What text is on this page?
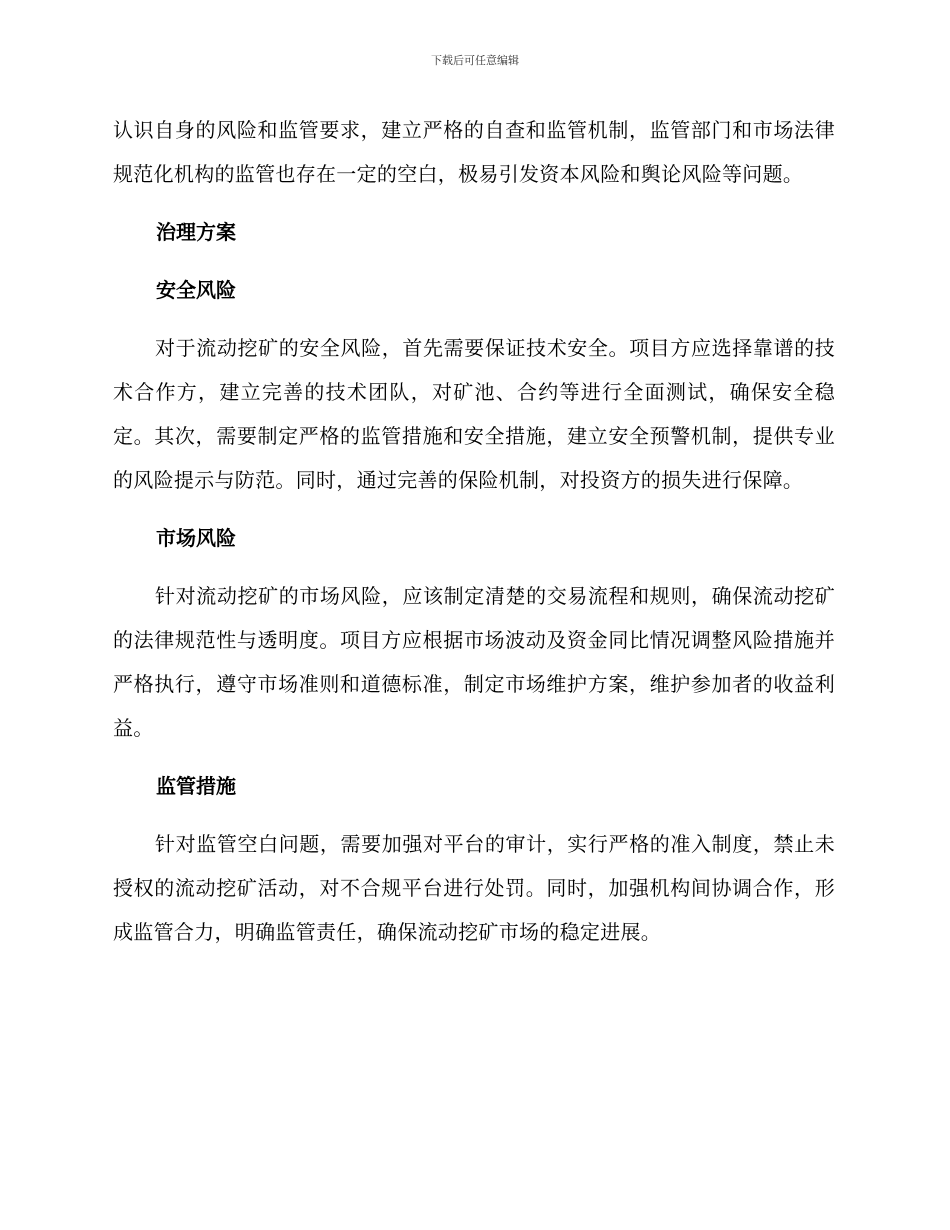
下载后可任意编辑

认识自身的风险和监管要求，建立严格的自查和监管机制，监管部门和市场法律规范化机构的监管也存在一定的空白，极易引发资本风险和舆论风险等问题。

治理方案
安全风险

对于流动挖矿的安全风险，首先需要保证技术安全。项目方应选择靠谱的技术合作方，建立完善的技术团队，对矿池、合约等进行全面测试，确保安全稳定。其次，需要制定严格的监管措施和安全措施，建立安全预警机制，提供专业的风险提示与防范。同时，通过完善的保险机制，对投资方的损失进行保障。

市场风险

针对流动挖矿的市场风险，应该制定清楚的交易流程和规则，确保流动挖矿的法律规范性与透明度。项目方应根据市场波动及资金同比情况调整风险措施并严格执行，遵守市场准则和道德标准，制定市场维护方案，维护参加者的收益利益。

监管措施

针对监管空白问题，需要加强对平台的审计，实行严格的准入制度，禁止未授权的流动挖矿活动，对不合规平台进行处罚。同时，加强机构间协调合作，形成监管合力，明确监管责任，确保流动挖矿市场的稳定进展。
